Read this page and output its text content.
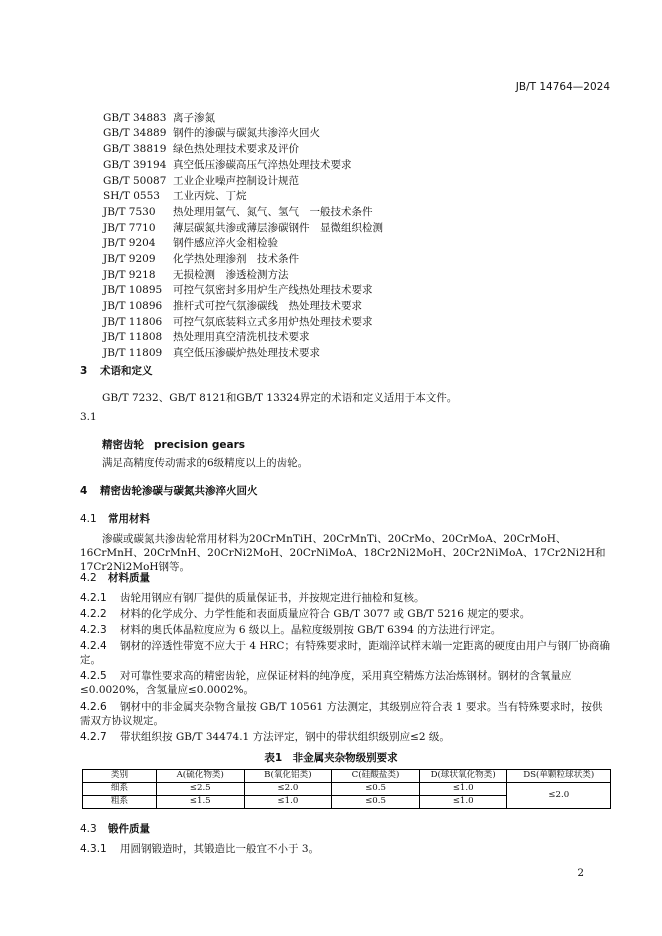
JB/T 14764—2024
GB/T 34883 离子渗氮
GB/T 34889 钢件的渗碳与碳氮共渗淬火回火
GB/T 38819 绿色热处理技术要求及评价
GB/T 39194 真空低压渗碳高压气淬热处理技术要求
GB/T 50087 工业企业噪声控制设计规范
SH/T 0553	工业丙烷、丁烷
JB/T 7530	热处理用氩气、氮气、氢气　一般技术条件
JB/T 7710	薄层碳氮共渗或薄层渗碳钢件　显微组织检测
JB/T 9204	钢件感应淬火金相检验
JB/T 9209	化学热处理渗剂　技术条件
JB/T 9218	无损检测　渗透检测方法
JB/T 10895	可控气氛密封多用炉生产线热处理技术要求
JB/T 10896	推杆式可控气氛渗碳线　热处理技术要求
JB/T 11806	可控气氛底装料立式多用炉热处理技术要求
JB/T 11808	热处理用真空清洗机技术要求
JB/T 11809	真空低压渗碳炉热处理技术要求
3 术语和定义
GB/T 7232、GB/T 8121和GB/T 13324界定的术语和定义适用于本文件。
3.1
精密齿轮 precision gears
满足高精度传动需求的6级精度以上的齿轮。
4 精密齿轮渗碳与碳氮共渗淬火回火
4.1 常用材料
渗碳或碳氮共渗齿轮常用材料为20CrMnTiH、20CrMnTi、20CrMo、20CrMoA、20CrMoH、16CrMnH、20CrMnH、20CrNi2MoH、20CrNiMoA、18Cr2Ni2MoH、20Cr2NiMoA、17Cr2Ni2H和17Cr2Ni2MoH钢等。
4.2 材料质量
4.2.1 齿轮用钢应有钢厂提供的质量保证书，并按规定进行抽检和复核。
4.2.2 材料的化学成分、力学性能和表面质量应符合 GB/T 3077 或 GB/T 5216 规定的要求。
4.2.3 材料的奥氏体晶粒度应为 6 级以上。晶粒度级别按 GB/T 6394 的方法进行评定。
4.2.4 钢材的淬透性带宽不应大于 4 HRC；有特殊要求时，距端淬试样末端一定距离的硬度由用户与钢厂协商确定。
4.2.5 对可靠性要求高的精密齿轮，应保证材料的纯净度，采用真空精炼方法冶炼钢材。钢材的含氧量应≤0.0020%，含氢量应≤0.0002%。
4.2.6 钢材中的非金属夹杂物含量按 GB/T 10561 方法测定，其级别应符合表 1 要求。当有特殊要求时，按供需双方协议规定。
4.2.7 带状组织按 GB/T 34474.1 方法评定，钢中的带状组织级别应≤2 级。
表1　非金属夹杂物级别要求
类别	A(硫化物类)	B(氧化铝类)	C(硅酸盐类)	D(球状氧化物类)	DS(单颗粒球状类)
细系	≤2.5	≤2.0	≤0.5	≤1.0	≤2.0
粗系	≤1.5	≤1.0	≤0.5	≤1.0	
4.3 锻件质量
4.3.1 用圆钢锻造时，其锻造比一般宜不小于 3。
2
